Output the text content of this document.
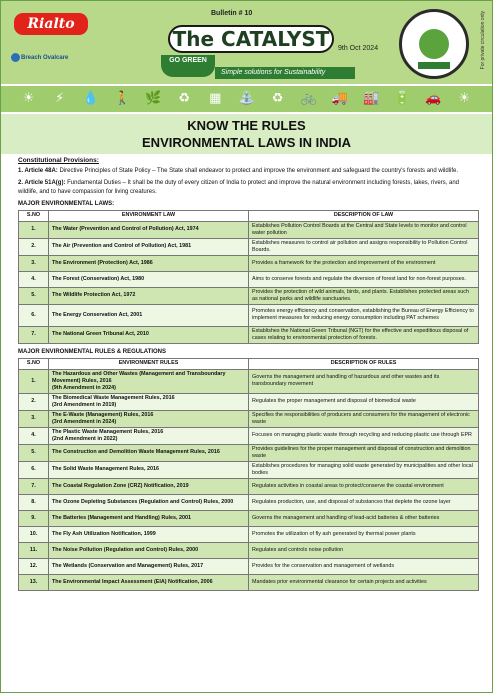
Rialto
Breach Ovalcare
Bulletin # 10
The CATALYST
GO GREEN
Simple solutions for Sustainability
9th Oct 2024	For private circulation only
☀ ⚡ 💧 🚶 🌿 ♻ ▦ ⛲ ♻ 🚲 🚚 🏭 🔋 🚗 ☀
KNOW THE RULES
ENVIRONMENTAL LAWS IN INDIA
Constitutional Provisions:
1. Article 48A: Directive Principles of State Policy – The State shall endeavor to protect and improve the environment and safeguard the country's forests and wildlife.
2. Article 51A(g): Fundamental Duties – It shall be the duty of every citizen of India to protect and improve the natural environment including forests, lakes, rivers, and wildlife, and to have compassion for living creatures.
MAJOR ENVIRONMENTAL LAWS:
S.NO	ENVIRONMENT LAW	DESCRIPTION OF LAW
1.	The Water (Prevention and Control of Pollution) Act, 1974	Establishes Pollution Control Boards at the Central and State levels to monitor and control water pollution
2.	The Air (Prevention and Control of Pollution) Act, 1981	Establishes measures to control air pollution and assigns responsibility to Pollution Control Boards.
3.	The Environment (Protection) Act, 1986	Provides a framework for the protection and improvement of the environment
4.	The Forest (Conservation) Act, 1980	Aims to conserve forests and regulate the diversion of forest land for non-forest purposes.
5.	The Wildlife Protection Act, 1972	Provides the protection of wild animals, birds, and plants. Establishes protected areas such as national parks and wildlife sanctuaries.
6.	The Energy Conservation Act, 2001	Promotes energy efficiency and conservation, establishing the Bureau of Energy Efficiency to implement measures for reducing energy consumption including PAT schemes
7.	The National Green Tribunal Act, 2010	Establishes the National Green Tribunal (NGT) for the effective and expeditious disposal of cases relating to environmental protection of forests.
MAJOR ENVIRONMENTAL RULES & REGULATIONS
S.NO	ENVIRONMENT RULES	DESCRIPTION OF RULES
1.	The Hazardous and Other Wastes (Management and Transboundary Movement) Rules, 2016
(9th Amendment in 2024)	Governs the management and handling of hazardous and other wastes and its transboundary movement
2.	The Biomedical Waste Management Rules, 2016
(3rd Amendment in 2019)	Regulates the proper management and disposal of biomedical waste
3.	The E-Waste (Management) Rules, 2016
(3rd Amendment in 2024)	Specifies the responsibilities of producers and consumers for the management of electronic waste
4.	The Plastic Waste Management Rules, 2016
(2nd Amendment in 2022)	Focuses on managing plastic waste through recycling and reducing plastic use through EPR
5.	The Construction and Demolition Waste Management Rules, 2016	Provides guidelines for the proper management and disposal of construction and demolition waste
6.	The Solid Waste Management Rules, 2016	Establishes procedures for managing solid waste generated by municipalities and other local bodies
7.	The Coastal Regulation Zone (CRZ) Notification, 2019	Regulates activities in coastal areas to protect/conserve the coastal environment
8.	The Ozone Depleting Substances (Regulation and Control) Rules, 2000	Regulates production, use, and disposal of substances that deplete the ozone layer
9.	The Batteries (Management and Handling) Rules, 2001	Governs the management and handling of lead-acid batteries & other batteries
10.	The Fly Ash Utilization Notification, 1999	Promotes the utilization of fly ash generated by thermal power plants
11.	The Noise Pollution (Regulation and Control) Rules, 2000	Regulates and controls noise pollution
12.	The Wetlands (Conservation and Management) Rules, 2017	Provides for the conservation and management of wetlands
13.	The Environmental Impact Assessment (EIA) Notification, 2006	Mandates prior environmental clearance for certain projects and activities
